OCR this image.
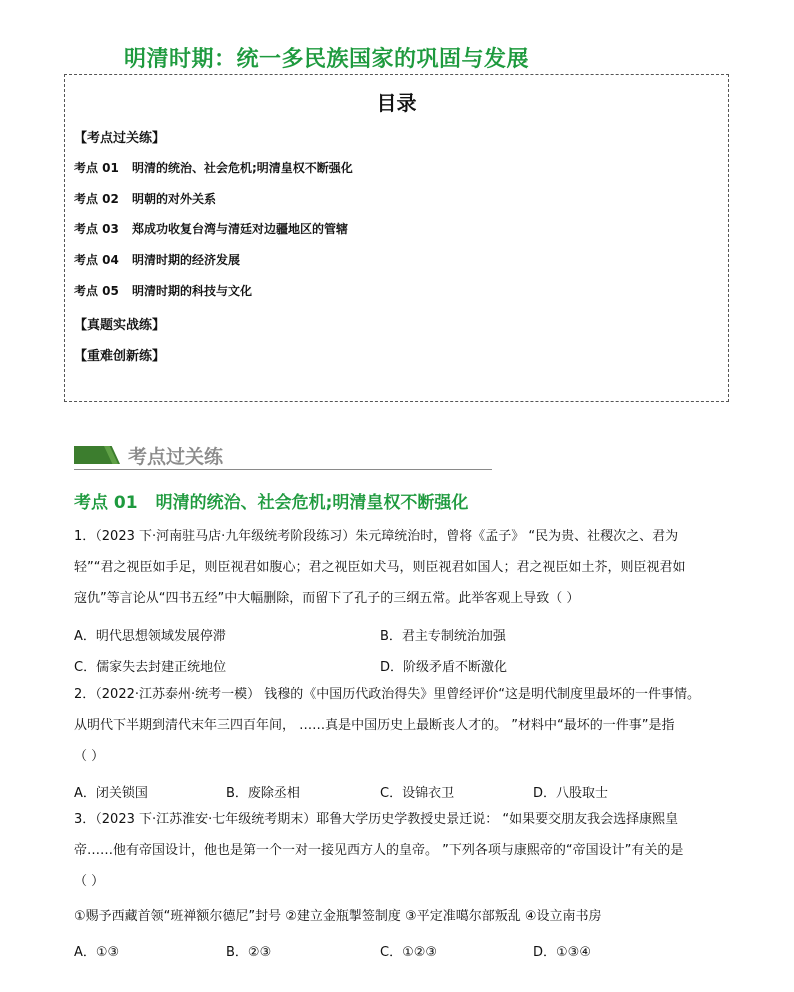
明清时期：统一多民族国家的巩固与发展
目录
【考点过关练】
考点 01 明清的统治、社会危机;明清皇权不断强化
考点 02 明朝的对外关系
考点 03 郑成功收复台湾与清廷对边疆地区的管辖
考点 04 明清时期的经济发展
考点 05 明清时期的科技与文化
【真题实战练】
【重难创新练】
考点过关练
考点 01 明清的统治、社会危机;明清皇权不断强化
1．（2023 下·河南驻马店·九年级统考阶段练习）朱元璋统治时，曾将《孟子》 “民为贵、社稷次之、君为
轻”“君之视臣如手足，则臣视君如腹心；君之视臣如犬马，则臣视君如国人；君之视臣如土芥，则臣视君如
寇仇”等言论从“四书五经”中大幅删除，而留下了孔子的三纲五常。此举客观上导致（ ）
A．明代思想领域发展停滞	B．君主专制统治加强
C．儒家失去封建正统地位	D．阶级矛盾不断激化
2．（2022·江苏泰州·统考一模） 钱穆的《中国历代政治得失》里曾经评价“这是明代制度里最坏的一件事情。
从明代下半期到清代末年三四百年间， ……真是中国历史上最断丧人才的。 ”材料中“最坏的一件事”是指
（ ）
A．闭关锁国	B．废除丞相	C．设锦衣卫	D．八股取士
3．（2023 下·江苏淮安·七年级统考期末）耶鲁大学历史学教授史景迁说： “如果要交朋友我会选择康熙皇
帝……他有帝国设计，他也是第一个一对一接见西方人的皇帝。 ”下列各项与康熙帝的“帝国设计”有关的是
（ ）
①赐予西藏首领“班禅额尔德尼”封号 ②建立金瓶掣签制度 ③平定准噶尔部叛乱 ④设立南书房
A．①③	B．②③	C．①②③	D．①③④
